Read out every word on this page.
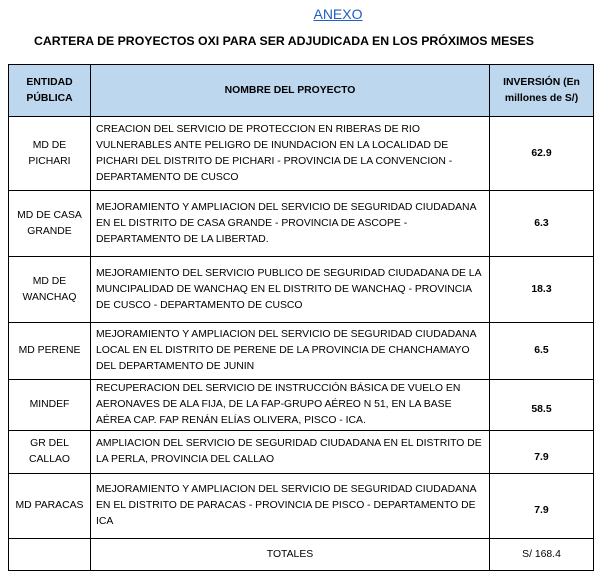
ANEXO
CARTERA DE PROYECTOS OXI PARA SER ADJUDICADA EN LOS PRÓXIMOS MESES
ENTIDAD PÚBLICA	NOMBRE DEL PROYECTO	INVERSIÓN (En millones de S/)
MD DE PICHARI	CREACION DEL SERVICIO DE PROTECCION EN RIBERAS DE RIO VULNERABLES ANTE PELIGRO DE INUNDACION EN LA LOCALIDAD DE PICHARI DEL DISTRITO DE PICHARI - PROVINCIA DE LA CONVENCION - DEPARTAMENTO DE CUSCO	62.9
MD DE CASA GRANDE	MEJORAMIENTO Y AMPLIACION DEL SERVICIO DE SEGURIDAD CIUDADANA EN EL DISTRITO DE CASA GRANDE - PROVINCIA DE ASCOPE - DEPARTAMENTO DE LA LIBERTAD.	6.3
MD DE WANCHAQ	MEJORAMIENTO DEL SERVICIO PUBLICO DE SEGURIDAD CIUDADANA DE LA MUNCIPALIDAD DE WANCHAQ EN EL DISTRITO DE WANCHAQ - PROVINCIA DE CUSCO - DEPARTAMENTO DE CUSCO	18.3
MD PERENE	MEJORAMIENTO Y AMPLIACION DEL SERVICIO DE SEGURIDAD CIUDADANA LOCAL EN EL DISTRITO DE PERENE DE LA PROVINCIA DE CHANCHAMAYO DEL DEPARTAMENTO DE JUNIN	6.5
MINDEF	RECUPERACION DEL SERVICIO DE INSTRUCCIÓN BÁSICA DE VUELO EN AERONAVES DE ALA FIJA, DE LA FAP-GRUPO AÉREO N 51, EN LA BASE AÉREA CAP. FAP RENÁN ELÍAS OLIVERA, PISCO - ICA.	58.5
GR DEL CALLAO	AMPLIACION DEL SERVICIO DE SEGURIDAD CIUDADANA EN EL DISTRITO DE LA PERLA, PROVINCIA DEL CALLAO	7.9
MD PARACAS	MEJORAMIENTO Y AMPLIACION DEL SERVICIO DE SEGURIDAD CIUDADANA EN EL DISTRITO DE PARACAS - PROVINCIA DE PISCO - DEPARTAMENTO DE ICA	7.9
	TOTALES	S/ 168.4
